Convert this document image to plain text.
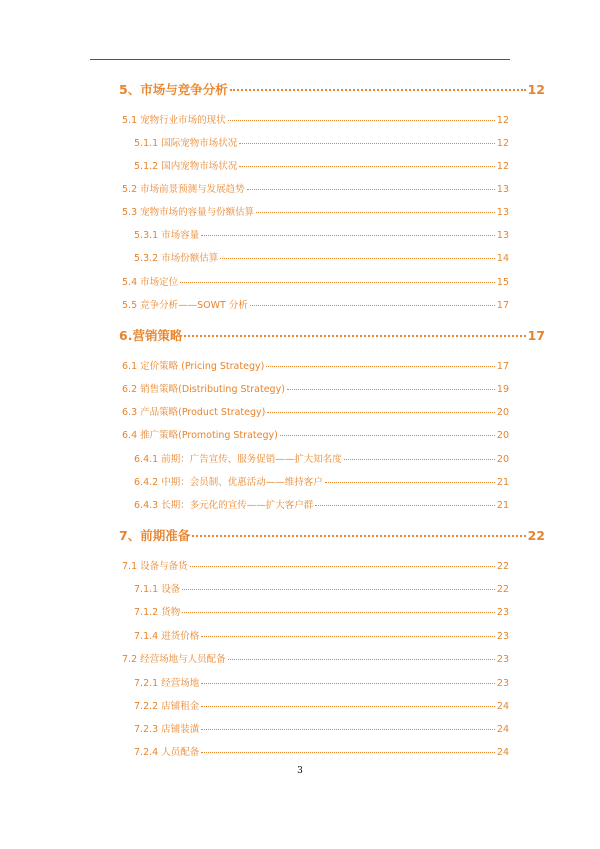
5、市场与竞争分析	12
5.1 宠物行业市场的现状	12
5.1.1 国际宠物市场状况	12
5.1.2 国内宠物市场状况	12
5.2 市场前景预测与发展趋势	13
5.3 宠物市场的容量与份额估算	13
5.3.1 市场容量	13
5.3.2 市场份额估算	14
5.4 市场定位	15
5.5 竞争分析——SOWT 分析	17
6.营销策略	17
6.1 定价策略 (Pricing Strategy)	17
6.2 销售策略(Distributing Strategy)	19
6.3 产品策略(Product Strategy)	20
6.4 推广策略(Promoting Strategy)	20
6.4.1 前期：广告宣传、服务促销——扩大知名度	20
6.4.2 中期：会员制、优惠活动——维持客户	21
6.4.3 长期：多元化的宣传——扩大客户群	21
7、前期准备	22
7.1 设备与备货	22
7.1.1 设备	22
7.1.2 货物	23
7.1.4 进货价格	23
7.2 经营场地与人员配备	23
7.2.1 经营场地	23
7.2.2 店铺租金	24
7.2.3 店铺装潢	24
7.2.4 人员配备	24
3
